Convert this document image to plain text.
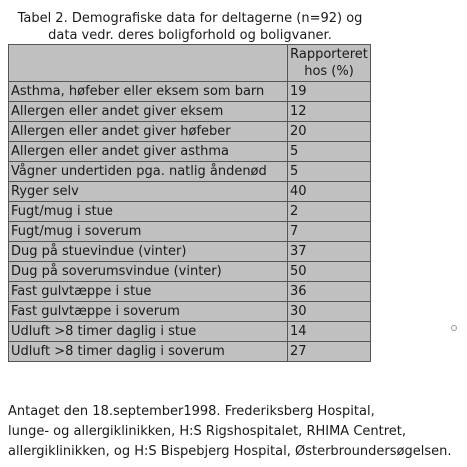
Tabel 2. Demografiske data for deltagerne (n=92) og
data vedr. deres boligforhold og boligvaner.

	Rapporteret
hos (%)

Asthma, høfeber eller eksem som barn	19
Allergen eller andet giver eksem	12
Allergen eller andet giver høfeber	20
Allergen eller andet giver asthma	5
Vågner undertiden pga. natlig åndenød	5
Ryger selv	40
Fugt/mug i stue	2
Fugt/mug i soverum	7
Dug på stuevindue (vinter)	37
Dug på soverumsvindue (vinter)	50
Fast gulvtæppe i stue	36
Fast gulvtæppe i soverum	30
Udluft >8 timer daglig i stue	14
Udluft >8 timer daglig i soverum	27
Antaget den 18.september1998. Frederiksberg Hospital,
lunge- og allergiklinikken, H:S Rigshospitalet, RHIMA Centret,
allergiklinikken, og H:S Bispebjerg Hospital, Østerbroundersøgelsen.
